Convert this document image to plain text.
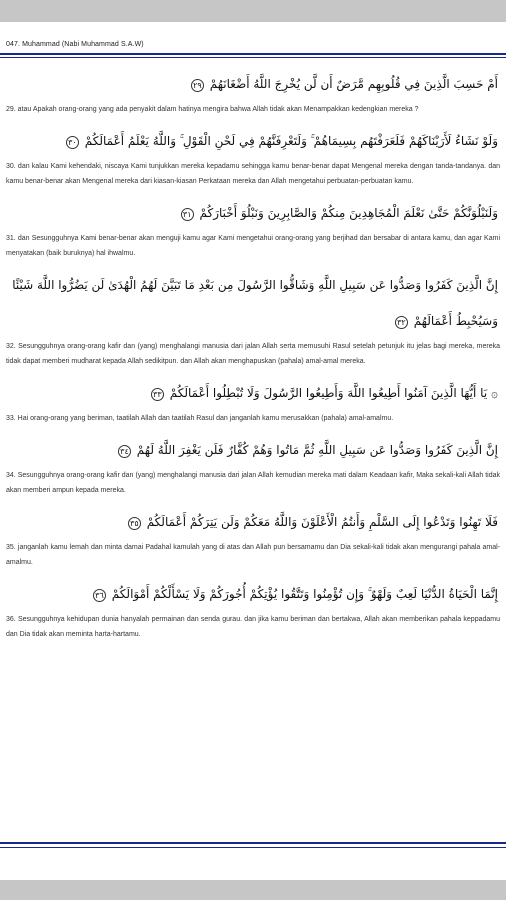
047. Muhammad (Nabi Muhammad S.A.W)
أَمْ حَسِبَ الَّذِينَ فِي قُلُوبِهِم مَّرَضٌ أَن لَّن يُخْرِجَ اللَّهُ أَضْغَانَهُمْ ٢٩

29. atau Apakah orang-orang yang ada penyakit dalam hatinya mengira bahwa Allah tidak akan Menampakkan kedengkian mereka ?

وَلَوْ نَشَاءُ لَأَرَيْنَاكَهُمْ فَلَعَرَفْتَهُم بِسِيمَاهُمْ ۚ وَلَتَعْرِفَنَّهُمْ فِي لَحْنِ الْقَوْلِ ۚ وَاللَّهُ يَعْلَمُ أَعْمَالَكُمْ ٣٠

30. dan kalau Kami kehendaki, niscaya Kami tunjukkan mereka kepadamu sehingga kamu benar-benar dapat Mengenal mereka dengan tanda-tandanya. dan kamu benar-benar akan Mengenal mereka dari kiasan-kiasan Perkataan mereka dan Allah mengetahui perbuatan-perbuatan kamu.

وَلَنَبْلُوَنَّكُمْ حَتَّىٰ نَعْلَمَ الْمُجَاهِدِينَ مِنكُمْ وَالصَّابِرِينَ وَنَبْلُوَ أَخْبَارَكُمْ ٣١

31. dan Sesungguhnya Kami benar-benar akan menguji kamu agar Kami mengetahui orang-orang yang berjihad dan bersabar di antara kamu, dan agar Kami menyatakan (baik buruknya) hal ihwalmu.

إِنَّ الَّذِينَ كَفَرُوا وَصَدُّوا عَن سَبِيلِ اللَّهِ وَشَاقُّوا الرَّسُولَ مِن بَعْدِ مَا تَبَيَّنَ لَهُمُ الْهُدَىٰ لَن يَضُرُّوا اللَّهَ شَيْئًا وَسَيُحْبِطُ أَعْمَالَهُمْ ٣٢

32. Sesungguhnya orang-orang kafir dan (yang) menghalangi manusia dari jalan Allah serta memusuhi Rasul setelah petunjuk itu jelas bagi mereka, mereka tidak dapat memberi mudharat kepada Allah sedikitpun. dan Allah akan menghapuskan (pahala) amal-amal mereka.

۞ يَا أَيُّهَا الَّذِينَ آمَنُوا أَطِيعُوا اللَّهَ وَأَطِيعُوا الرَّسُولَ وَلَا تُبْطِلُوا أَعْمَالَكُمْ ٣٣

33. Hai orang-orang yang beriman, taatilah Allah dan taatilah Rasul dan janganlah kamu merusakkan (pahala) amal-amalmu.

إِنَّ الَّذِينَ كَفَرُوا وَصَدُّوا عَن سَبِيلِ اللَّهِ ثُمَّ مَاتُوا وَهُمْ كُفَّارٌ فَلَن يَغْفِرَ اللَّهُ لَهُمْ ٣٤

34. Sesungguhnya orang-orang kafir dan (yang) menghalangi manusia dari jalan Allah kemudian mereka mati dalam Keadaan kafir, Maka sekali-kali Allah tidak akan memberi ampun kepada mereka.

فَلَا تَهِنُوا وَتَدْعُوا إِلَى السَّلْمِ وَأَنتُمُ الْأَعْلَوْنَ وَاللَّهُ مَعَكُمْ وَلَن يَتِرَكُمْ أَعْمَالَكُمْ ٣٥

35. janganlah kamu lemah dan minta damai Padahal kamulah yang di atas dan Allah pun bersamamu dan Dia sekali-kali tidak akan mengurangi pahala amal-amalmu.

إِنَّمَا الْحَيَاةُ الدُّنْيَا لَعِبٌ وَلَهْوٌ ۚ وَإِن تُؤْمِنُوا وَتَتَّقُوا يُؤْتِكُمْ أُجُورَكُمْ وَلَا يَسْأَلْكُمْ أَمْوَالَكُمْ ٣٦

36. Sesungguhnya kehidupan dunia hanyalah permainan dan senda gurau. dan jika kamu beriman dan bertakwa, Allah akan memberikan pahala keppadamu dan Dia tidak akan meminta harta-hartamu.
